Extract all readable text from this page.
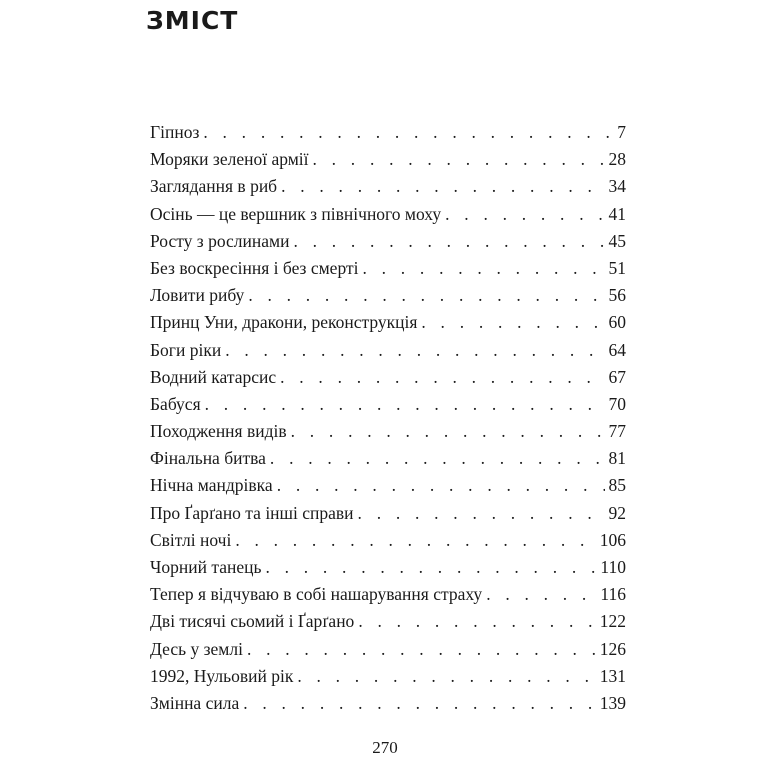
ЗМІСТ
Гіпноз . . .	7
Моряки зеленої армії . . .	28
Заглядання в риб . . .	34
Осінь — це вершник з північного моху . . .	41
Росту з рослинами . . .	45
Без воскресіння і без смерті . . .	51
Ловити рибу . . .	56
Принц Уни, дракони, реконструкція . . .	60
Боги ріки . . .	64
Водний катарсис . . .	67
Бабуся . . .	70
Походження видів . . .	77
Фінальна битва . . .	81
Нічна мандрівка . . .	85
Про Ґарґано та інші справи . . .	92
Світлі ночі . . .	106
Чорний танець . . .	110
Тепер я відчуваю в собі нашарування страху . . .	116
Дві тисячі сьомий і Ґарґано . . .	122
Десь у землі . . .	126
1992, Нульовий рік . . .	131
Змінна сила . . .	139
270
